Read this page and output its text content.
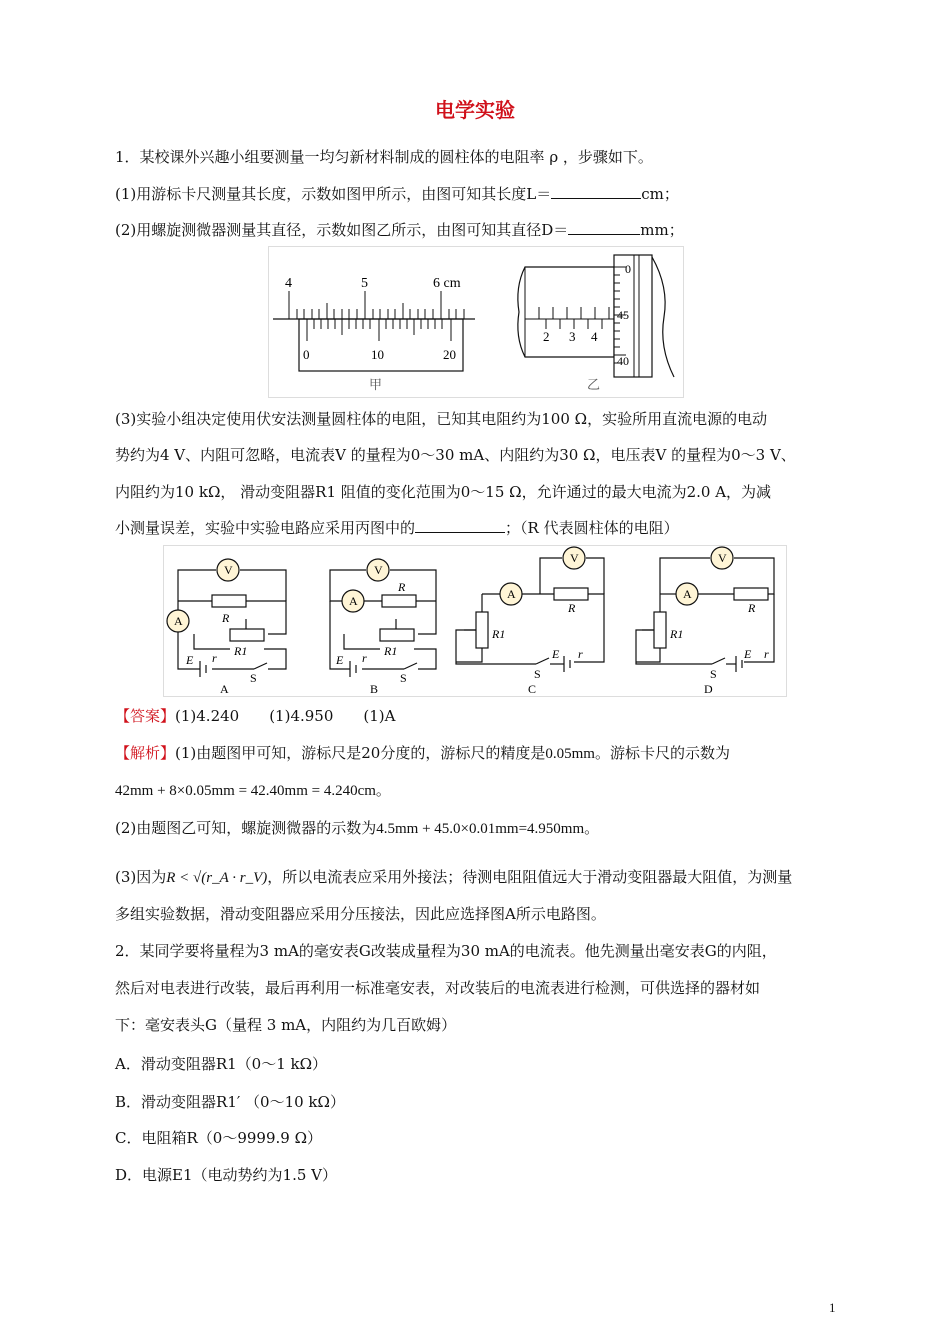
电学实验
1．某校课外兴趣小组要测量一均匀新材料制成的圆柱体的电阻率 ρ ，步骤如下。
(1)用游标卡尺测量其长度，示数如图甲所示，由图可知其长度L＝	cm；
(2)用螺旋测微器测量其直径，示数如图乙所示，由图可知其直径D＝	mm；
4	5	6 cm
0	10	20
甲
2 3 4
0
45
40
乙
(3)实验小组决定使用伏安法测量圆柱体的电阻，已知其电阻约为100 Ω，实验所用直流电源的电动
势约为4 V、内阻可忽略，电流表V 的量程为0～30 mA、内阻约为30 Ω，电压表V 的量程为0～3 V、
内阻约为10 kΩ， 滑动变阻器R1 阻值的变化范围为0～15 Ω，允许通过的最大电流为2.0 A，为减
小测量误差，实验中实验电路应采用丙图中的	；（R 代表圆柱体的电阻）
V
A	R
R1
E r
S
A
V
A
R
R1
E r
S
B
A
V
R
R1
E r
S
C
A
V
R
R1
E r
S
D
【答案】(1)4.240　　(1)4.950　　(1)A
【解析】(1)由题图甲可知，游标尺是20分度的，游标尺的精度是0.05mm。游标卡尺的示数为
42mm + 8×0.05mm = 42.40mm = 4.240cm。
(2)由题图乙可知，螺旋测微器的示数为4.5mm + 45.0×0.01mm=4.950mm。
(3)因为R < √(r_A · r_V)，所以电流表应采用外接法；待测电阻阻值远大于滑动变阻器最大阻值，为测量
多组实验数据，滑动变阻器应采用分压接法，因此应选择图A所示电路图。
2．某同学要将量程为3 mA的毫安表G改装成量程为30 mA的电流表。他先测量出毫安表G的内阻，
然后对电表进行改装，最后再利用一标准毫安表，对改装后的电流表进行检测，可供选择的器材如
下：毫安表头G（量程 3 mA，内阻约为几百欧姆）
A．滑动变阻器R1（0～1 kΩ）
B．滑动变阻器R1′ （0～10 kΩ）
C．电阻箱R（0～9999.9 Ω）
D．电源E1（电动势约为1.5 V）
1
